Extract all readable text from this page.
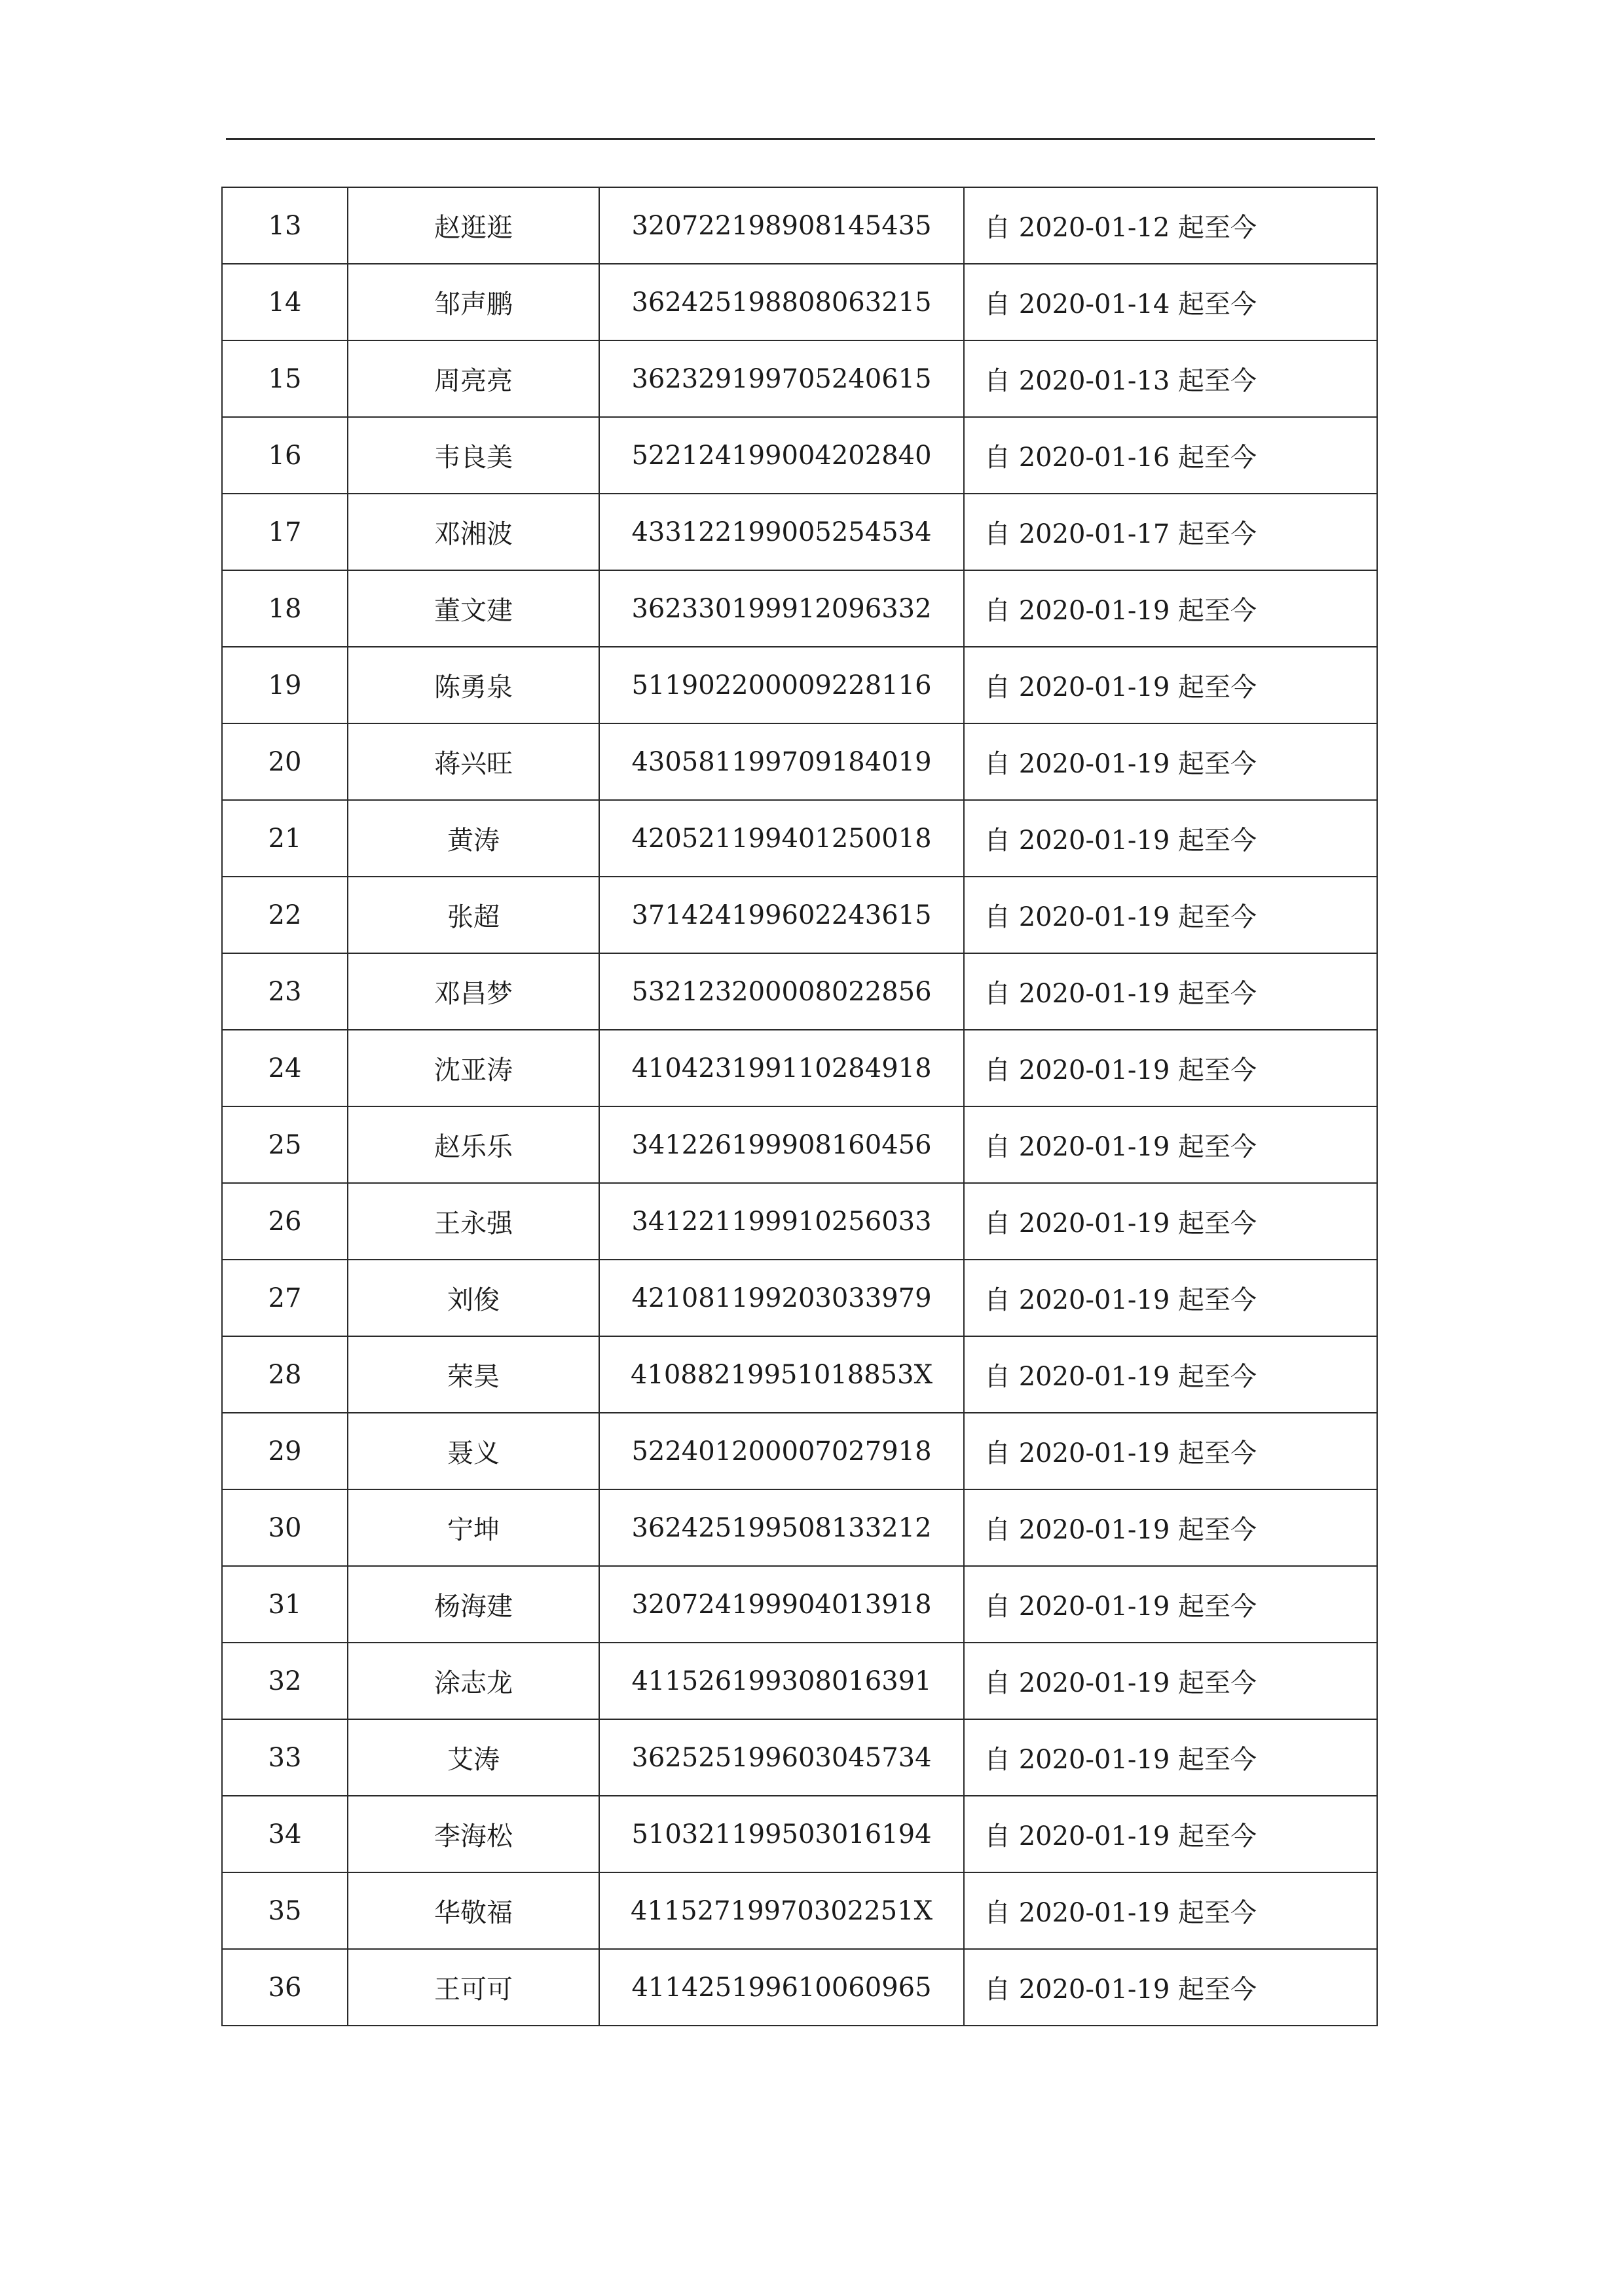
13	赵逛逛	320722198908145435	自 2020-01-12 起至今
14	邹声鹏	362425198808063215	自 2020-01-14 起至今
15	周亮亮	362329199705240615	自 2020-01-13 起至今
16	韦良美	522124199004202840	自 2020-01-16 起至今
17	邓湘波	433122199005254534	自 2020-01-17 起至今
18	董文建	362330199912096332	自 2020-01-19 起至今
19	陈勇泉	511902200009228116	自 2020-01-19 起至今
20	蒋兴旺	430581199709184019	自 2020-01-19 起至今
21	黄涛	420521199401250018	自 2020-01-19 起至今
22	张超	371424199602243615	自 2020-01-19 起至今
23	邓昌梦	532123200008022856	自 2020-01-19 起至今
24	沈亚涛	410423199110284918	自 2020-01-19 起至今
25	赵乐乐	341226199908160456	自 2020-01-19 起至今
26	王永强	341221199910256033	自 2020-01-19 起至今
27	刘俊	421081199203033979	自 2020-01-19 起至今
28	荣昊	41088219951018853X	自 2020-01-19 起至今
29	聂义	522401200007027918	自 2020-01-19 起至今
30	宁坤	362425199508133212	自 2020-01-19 起至今
31	杨海建	320724199904013918	自 2020-01-19 起至今
32	涂志龙	411526199308016391	自 2020-01-19 起至今
33	艾涛	362525199603045734	自 2020-01-19 起至今
34	李海松	510321199503016194	自 2020-01-19 起至今
35	华敬福	41152719970302251X	自 2020-01-19 起至今
36	王可可	411425199610060965	自 2020-01-19 起至今
